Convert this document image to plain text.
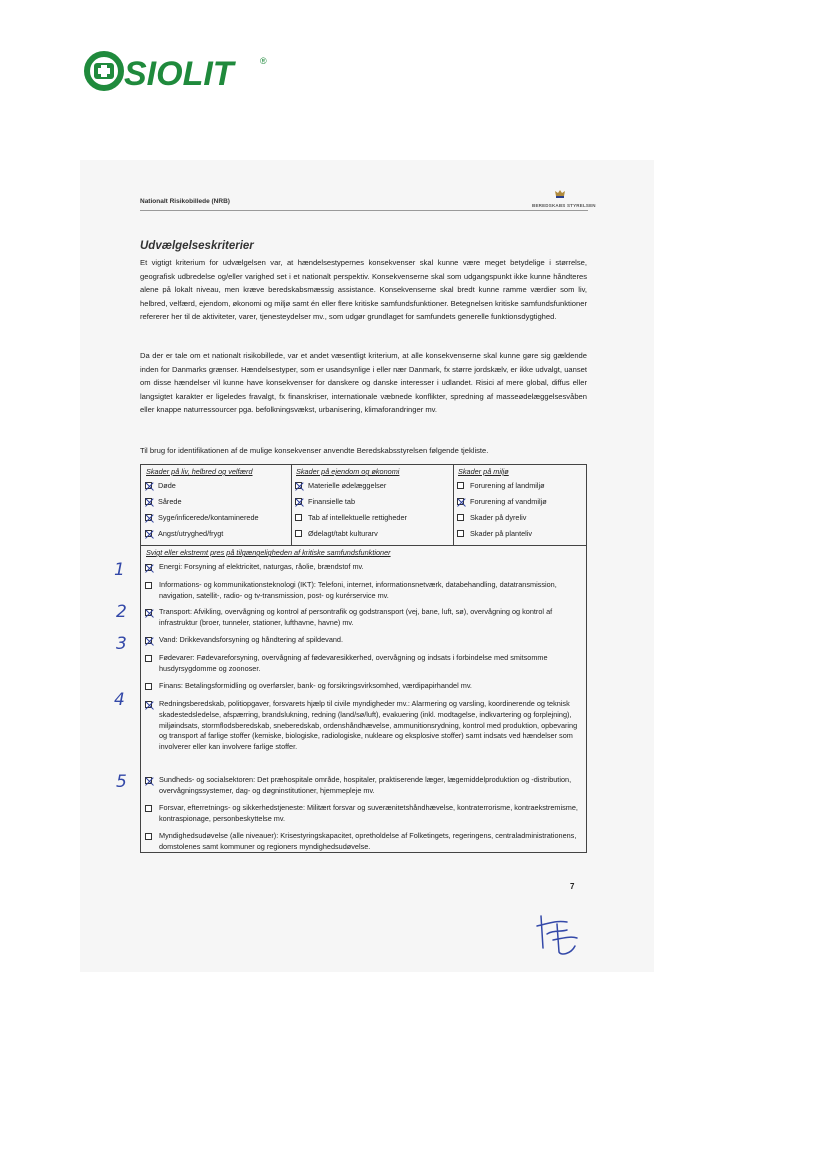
SIOLIT	®
Nationalt Risikobillede (NRB)
BEREDSKABS STYRELSEN
Udvælgelseskriterier
Et vigtigt kriterium for udvælgelsen var, at hændelsestypernes konsekvenser skal kunne være meget betydelige i størrelse, geografisk udbredelse og/eller varighed set i et nationalt perspektiv. Konsekvenserne skal som udgangspunkt ikke kunne håndteres alene på lokalt niveau, men kræve beredskabsmæssig assistance. Konsekvenserne skal bredt kunne ramme værdier som liv, helbred, velfærd, ejendom, økonomi og miljø samt én eller flere kritiske samfundsfunktioner. Betegnelsen kritiske samfundsfunktioner refererer her til de aktiviteter, varer, tjenesteydelser mv., som udgør grundlaget for samfundets generelle funktionsdygtighed.
Da der er tale om et nationalt risikobillede, var et andet væsentligt kriterium, at alle konsekvenserne skal kunne gøre sig gældende inden for Danmarks grænser. Hændelsestyper, som er usandsynlige i eller nær Danmark, fx større jordskælv, er ikke udvalgt, uanset om disse hændelser vil kunne have konsekvenser for danskere og danske interesser i udlandet. Risici af mere global, diffus eller langsigtet karakter er ligeledes fravalgt, fx finanskriser, internationale væbnede konflikter, spredning af masseødelæggelsesvåben eller knappe naturressourcer pga. befolkningsvækst, urbanisering, klimaforandringer mv.
Til brug for identifikationen af de mulige konsekvenser anvendte Beredskabsstyrelsen følgende tjekliste.
Skader på liv, helbred og velfærd
Døde
Sårede
Syge/inficerede/kontaminerede
Angst/utryghed/frygt
Skader på ejendom og økonomi
Materielle ødelæggelser
Finansielle tab
Tab af intellektuelle rettigheder
Ødelagt/tabt kulturarv
Skader på miljø
Forurening af landmiljø
Forurening af vandmiljø
Skader på dyreliv
Skader på planteliv
Svigt eller ekstremt pres på tilgængeligheden af kritiske samfundsfunktioner
Energi: Forsyning af elektricitet, naturgas, råolie, brændstof mv.
Informations- og kommunikationsteknologi (IKT): Telefoni, internet, informationsnetværk, databehandling, datatransmission, navigation, satellit-, radio- og tv-transmission, post- og kurérservice mv.
Transport: Afvikling, overvågning og kontrol af persontrafik og godstransport (vej, bane, luft, sø), overvågning og kontrol af infrastruktur (broer, tunneler, stationer, lufthavne, havne) mv.
Vand: Drikkevandsforsyning og håndtering af spildevand.
Fødevarer: Fødevareforsyning, overvågning af fødevaresikkerhed, overvågning og indsats i forbindelse med smitsomme husdyrsygdomme og zoonoser.
Finans: Betalingsformidling og overførsler, bank- og forsikringsvirksomhed, værdipapirhandel mv.
Redningsberedskab, politiopgaver, forsvarets hjælp til civile myndigheder mv.: Alarmering og varsling, koordinerende og teknisk skadestedsledelse, afspærring, brandslukning, redning (land/sø/luft), evakuering (inkl. modtagelse, indkvartering og forplejning), miljøindsats, stormflodsberedskab, sneberedskab, ordenshåndhævelse, ammunitionsrydning, kontrol med produktion, opbevaring og transport af farlige stoffer (kemiske, biologiske, radiologiske, nukleare og eksplosive stoffer) samt indsats ved hændelser som involverer eller kan involvere farlige stoffer.
Sundheds- og socialsektoren: Det præhospitale område, hospitaler, praktiserende læger, lægemiddelproduktion og -distribution, overvågningssystemer, dag- og døgninstitutioner, hjemmepleje mv.
Forsvar, efterretnings- og sikkerhedstjeneste: Militært forsvar og suverænitetshåndhævelse, kontraterrorisme, kontraekstremisme, kontraspionage, personbeskyttelse mv.
Myndighedsudøvelse (alle niveauer): Krisestyringskapacitet, opretholdelse af Folketingets, regeringens, centraladministrationens, domstolenes samt kommuner og regioners myndighedsudøvelse.
1
2
3
4
5
7
